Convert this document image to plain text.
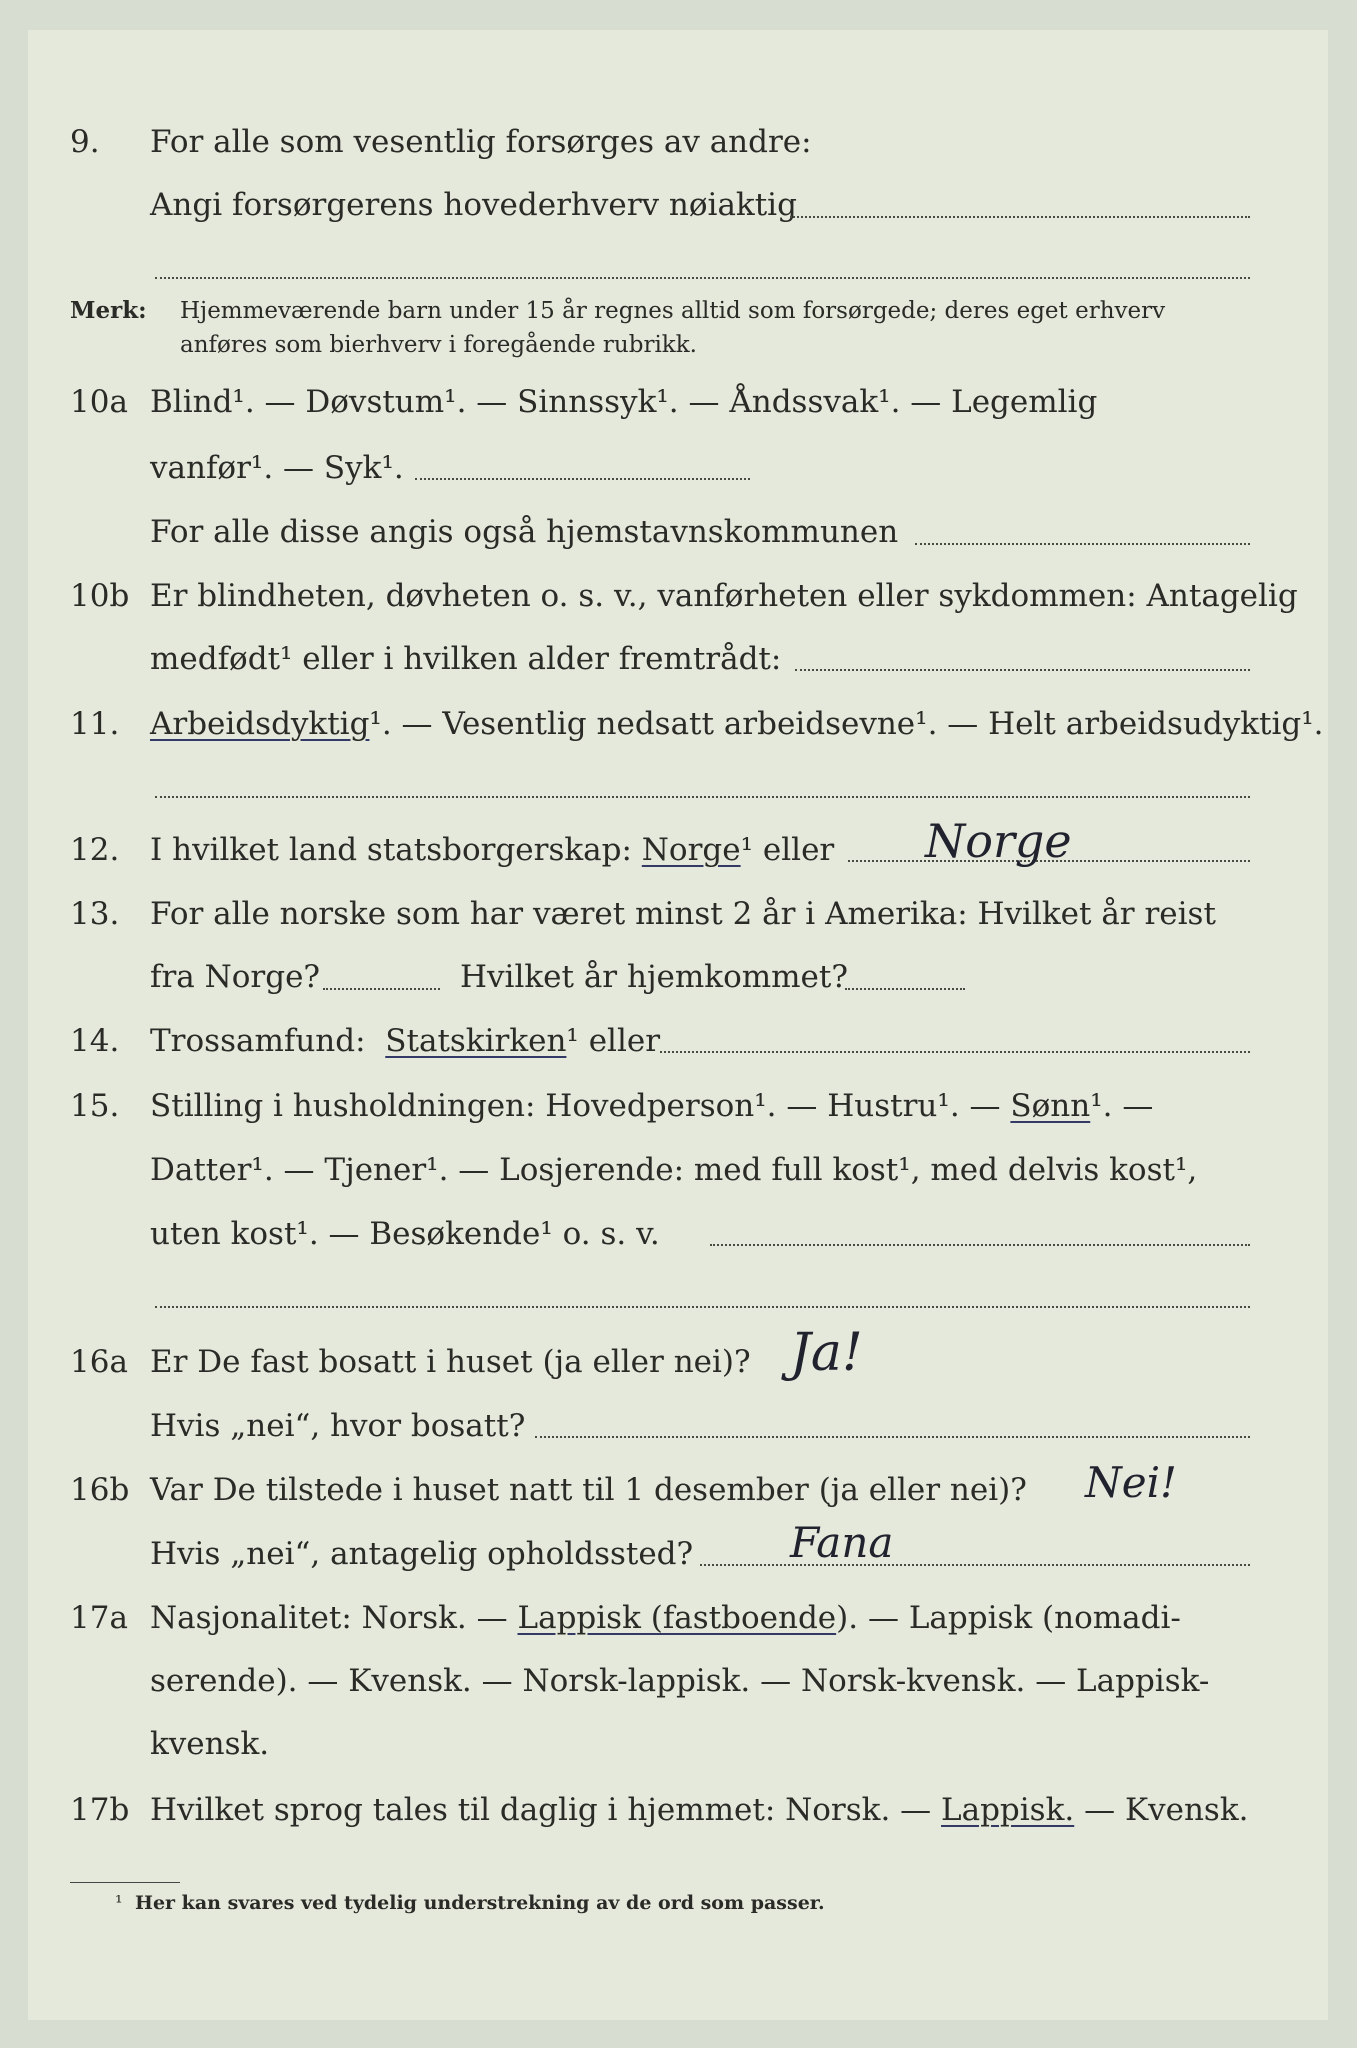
9. For alle som vesentlig forsørges av andre:
Angi forsørgerens hovederhverv nøiaktig
Merk: Hjemmeværende barn under 15 år regnes alltid som forsørgede; deres eget erhverv
anføres som bierhverv i foregående rubrikk.
10a Blind¹. — Døvstum¹. — Sinnssyk¹. — Åndssvak¹. — Legemlig
vanfør¹. — Syk¹.
For alle disse angis også hjemstavnskommunen
10b Er blindheten, døvheten o. s. v., vanførheten eller sykdommen: Antagelig
medfødt¹ eller i hvilken alder fremtrådt:
11. Arbeidsdyktig¹. — Vesentlig nedsatt arbeidsevne¹. — Helt arbeidsudyktig¹.
12. I hvilket land statsborgerskap: Norge¹ eller Norge
13. For alle norske som har været minst 2 år i Amerika: Hvilket år reist
fra Norge?	Hvilket år hjemkommet?
14. Trossamfund: Statskirken¹ eller
15. Stilling i husholdningen: Hovedperson¹. — Hustru¹. — Sønn¹. —
Datter¹. — Tjener¹. — Losjerende: med full kost¹, med delvis kost¹,
uten kost¹. — Besøkende¹ o. s. v.
16a Er De fast bosatt i huset (ja eller nei)? Ja!
Hvis „nei“, hvor bosatt?
16b Var De tilstede i huset natt til 1 desember (ja eller nei)? Nei!
Hvis „nei“, antagelig opholdssted? Fana
17a Nasjonalitet: Norsk. — Lappisk (fastboende). — Lappisk (nomadi-
serende). — Kvensk. — Norsk-lappisk. — Norsk-kvensk. — Lappisk-
kvensk.
17b Hvilket sprog tales til daglig i hjemmet: Norsk. — Lappisk. — Kvensk.
¹ Her kan svares ved tydelig understrekning av de ord som passer.
